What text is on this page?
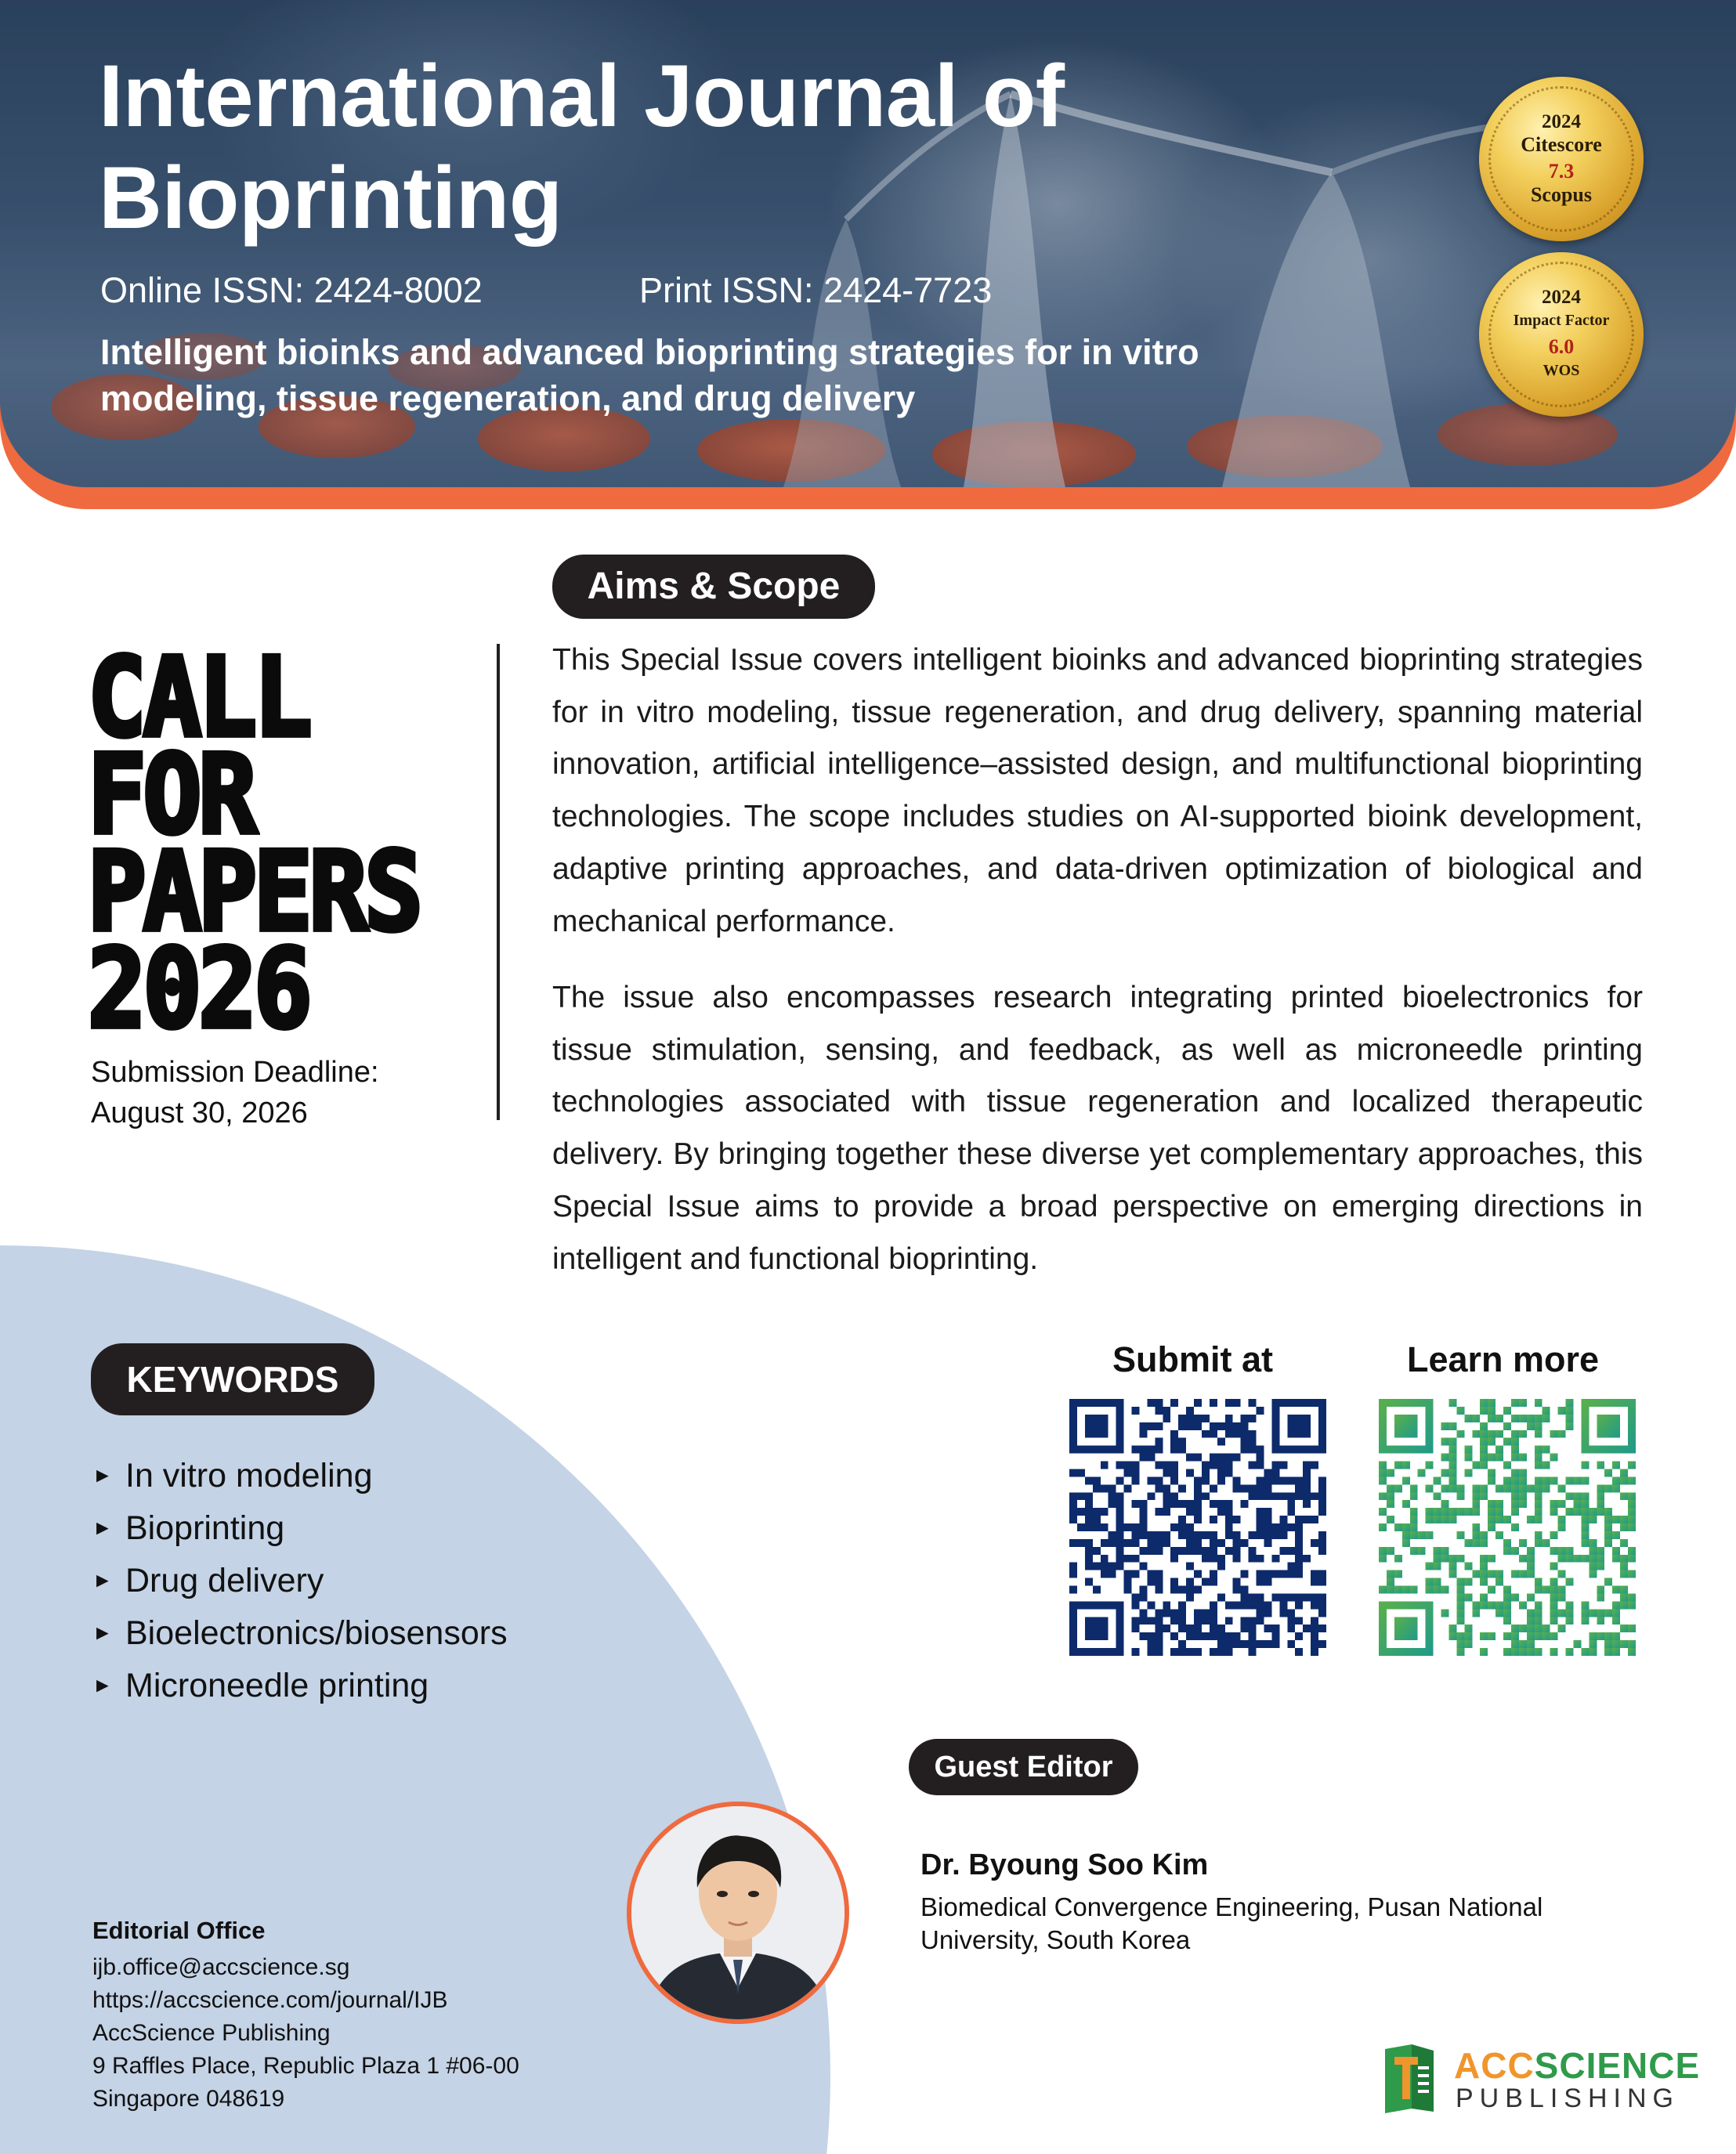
International Journal of Bioprinting
Online ISSN: 2424-8002	Print ISSN: 2424-7723
Intelligent bioinks and advanced bioprinting strategies for in vitro modeling, tissue regeneration, and drug delivery
2024
Citescore
7.3
Scopus
2024
Impact Factor
6.0
WOS
CALL
FOR
PAPERS
2026
Submission Deadline:
August 30, 2026
Aims & Scope

This Special Issue covers intelligent bioinks and advanced bioprinting strategies for in vitro modeling, tissue regeneration, and drug delivery, spanning material innovation, artificial intelligence–assisted design, and multifunctional bioprinting technologies. The scope includes studies on AI-supported bioink development, adaptive printing approaches, and data-driven optimization of biological and mechanical performance.

The issue also encompasses research integrating printed bioelectronics for tissue stimulation, sensing, and feedback, as well as microneedle printing technologies associated with tissue regeneration and localized therapeutic delivery. By bringing together these diverse yet complementary approaches, this Special Issue aims to provide a broad perspective on emerging directions in intelligent and functional bioprinting.

KEYWORDS
► In vitro modeling
► Bioprinting
► Drug delivery
► Bioelectronics/biosensors
► Microneedle printing
Submit at	Learn more
Guest Editor
Dr. Byoung Soo Kim
Biomedical Convergence Engineering, Pusan National University, South Korea
Editorial Office
ijb.office@accscience.sg
https://accscience.com/journal/IJB
AccScience Publishing
9 Raffles Place, Republic Plaza 1 #06-00
Singapore 048619
ACCSCIENCE
PUBLISHING
